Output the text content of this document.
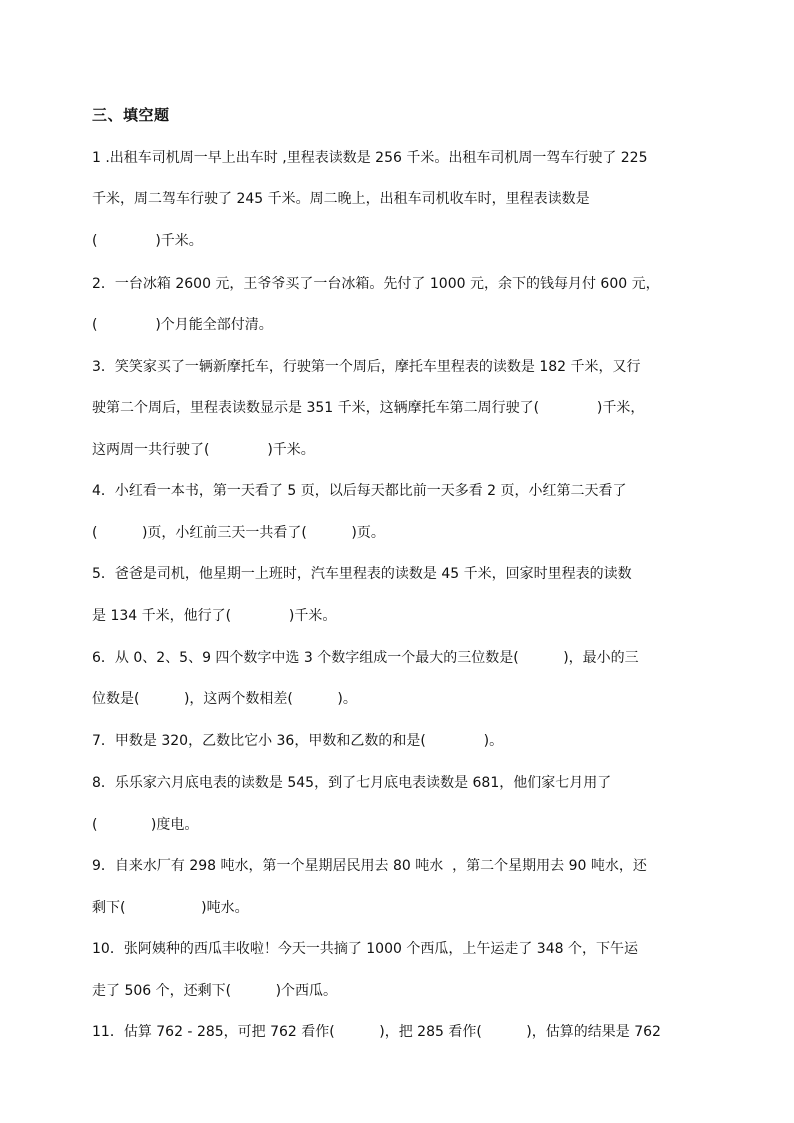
三、填空题
1 .出租车司机周一早上出车时 ,里程表读数是 256 千米。出租车司机周一驾车行驶了 225
千米，周二驾车行驶了 245 千米。周二晚上，出租车司机收车时，里程表读数是
(             )千米。
2．一台冰箱 2600 元，王爷爷买了一台冰箱。先付了 1000 元，余下的钱每月付 600 元，
(             )个月能全部付清。
3．笑笑家买了一辆新摩托车，行驶第一个周后，摩托车里程表的读数是 182 千米，又行
驶第二个周后，里程表读数显示是 351 千米，这辆摩托车第二周行驶了(             )千米，
这两周一共行驶了(             )千米。
4．小红看一本书，第一天看了 5 页，以后每天都比前一天多看 2 页，小红第二天看了
(          )页，小红前三天一共看了(          )页。
5．爸爸是司机，他星期一上班时，汽车里程表的读数是 45 千米，回家时里程表的读数
是 134 千米，他行了(             )千米。
6．从 0、2、5、9 四个数字中选 3 个数字组成一个最大的三位数是(          )，最小的三
位数是(          )，这两个数相差(          )。
7．甲数是 320，乙数比它小 36，甲数和乙数的和是(             )。
8．乐乐家六月底电表的读数是 545，到了七月底电表读数是 681，他们家七月用了
(            )度电。
9．自来水厂有 298 吨水，第一个星期居民用去 80 吨水  ，第二个星期用去 90 吨水，还
剩下(                 )吨水。
10．张阿姨种的西瓜丰收啦！今天一共摘了 1000 个西瓜，上午运走了 348 个，下午运
走了 506 个，还剩下(          )个西瓜。
11．估算 762 - 285，可把 762 看作(          )，把 285 看作(          )，估算的结果是 762
